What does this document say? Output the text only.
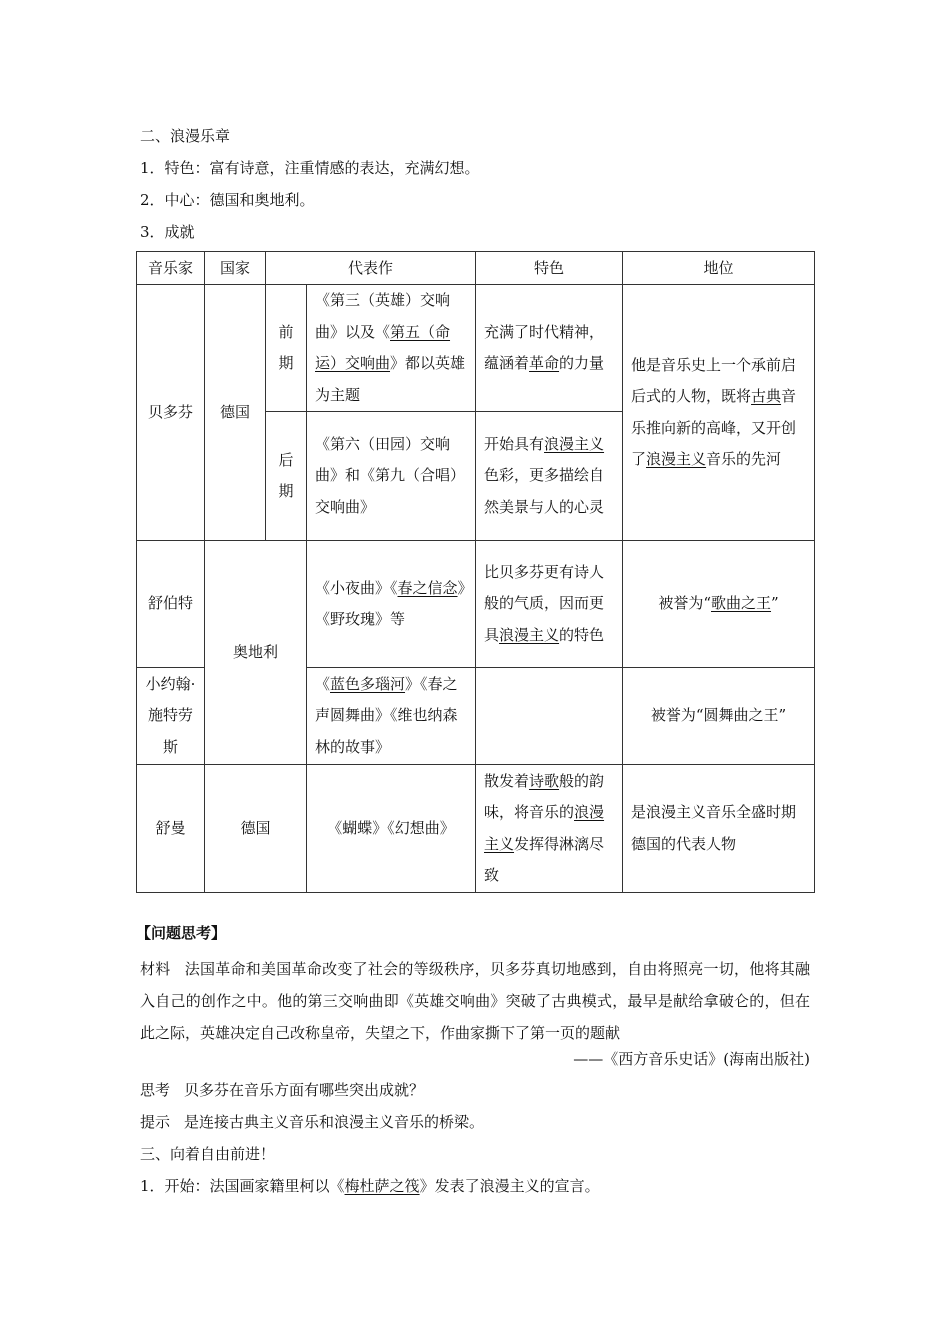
二、浪漫乐章
1．特色：富有诗意，注重情感的表达，充满幻想。
2．中心：德国和奥地利。
3．成就
音乐家	国家	代表作		特色	地位
贝多芬	德国	前期	《第三（英雄）交响曲》以及《第五（命运）交响曲》都以英雄为主题	充满了时代精神，蕴涵着革命的力量	他是音乐史上一个承前启后式的人物，既将古典音乐推向新的高峰，又开创了浪漫主义音乐的先河
		后期	《第六（田园）交响曲》和《第九（合唱）交响曲》	开始具有浪漫主义色彩，更多描绘自然美景与人的心灵	
舒伯特	奥地利		《小夜曲》《春之信念》《野玫瑰》等	比贝多芬更有诗人般的气质，因而更具浪漫主义的特色	被誉为“歌曲之王”
小约翰·施特劳斯			《蓝色多瑙河》《春之声圆舞曲》《维也纳森林的故事》		被誉为“圆舞曲之王”
舒曼	德国		《蝴蝶》《幻想曲》	散发着诗歌般的韵味，将音乐的浪漫主义发挥得淋漓尽致	是浪漫主义音乐全盛时期德国的代表人物
【问题思考】

材料 法国革命和美国革命改变了社会的等级秩序，贝多芬真切地感到，自由将照亮一切，他将其融入自己的创作之中。他的第三交响曲即《英雄交响曲》突破了古典模式，最早是献给拿破仑的，但在此之际，英雄决定自己改称皇帝，失望之下，作曲家撕下了第一页的题献

——《西方音乐史话》(海南出版社)
思考 贝多芬在音乐方面有哪些突出成就？
提示 是连接古典主义音乐和浪漫主义音乐的桥梁。
三、向着自由前进！
1．开始：法国画家籍里柯以《梅杜萨之筏》发表了浪漫主义的宣言。
